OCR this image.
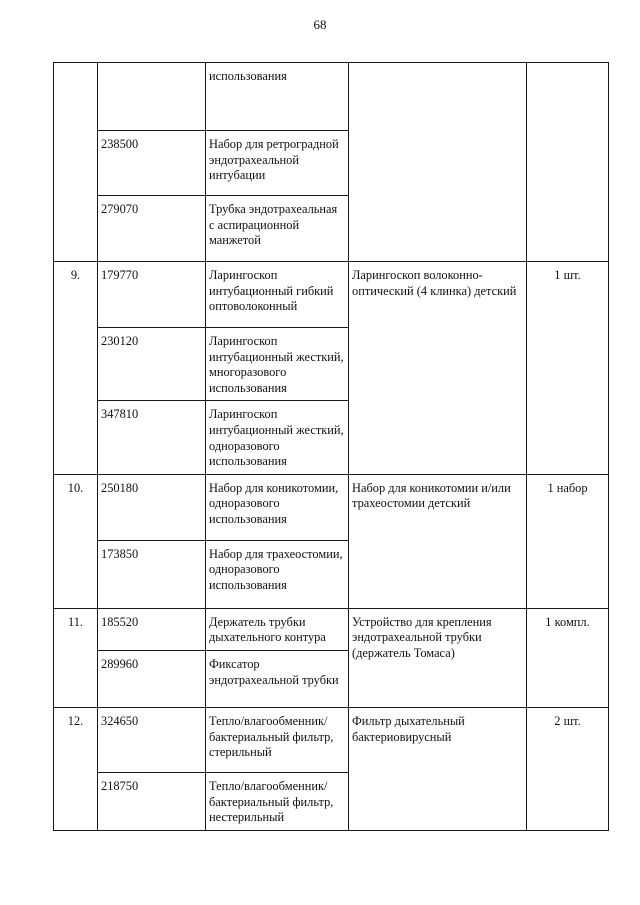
68
		использования		
	238500	Набор для ретроградной эндотрахеальной интубации		
	279070	Трубка эндотрахеальная с аспирационной манжетой		
9.	179770	Ларингоскоп интубационный гибкий оптоволоконный	Ларингоскоп волоконно-оптический (4 клинка) детский	1 шт.
	230120	Ларингоскоп интубационный жесткий, многоразового использования		
	347810	Ларингоскоп интубационный жесткий, одноразового использования		
10.	250180	Набор для коникотомии, одноразового использования	Набор для коникотомии и/или трахеостомии детский	1 набор
	173850	Набор для трахеостомии, одноразового использования		
11.	185520	Держатель трубки дыхательного контура	Устройство для крепления эндотрахеальной трубки (держатель Томаса)	1 компл.
	289960	Фиксатор эндотрахеальной трубки		
12.	324650	Тепло/влагообменник/бактериальный фильтр, стерильный	Фильтр дыхательный бактериовирусный	2 шт.
	218750	Тепло/влагообменник/бактериальный фильтр, нестерильный		
